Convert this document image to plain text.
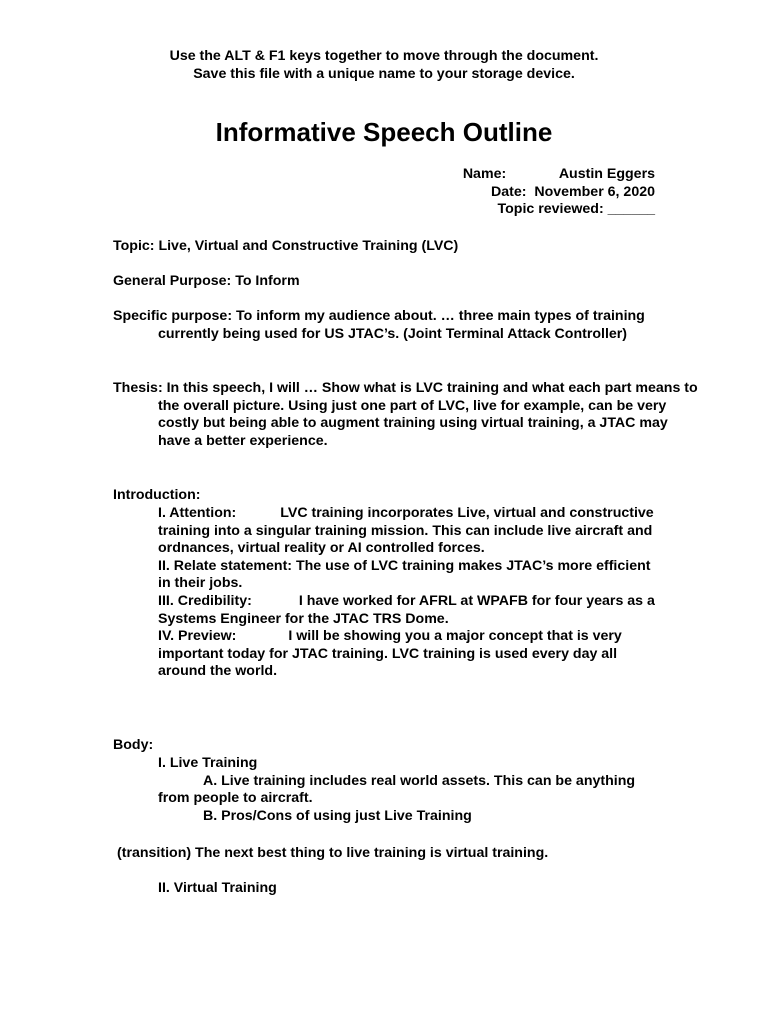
Use the ALT & F1 keys together to move through the document.
Save this file with a unique name to your storage device.
Informative Speech Outline
Name:	Austin Eggers
Date: November 6, 2020
Topic reviewed: ______

Topic: Live, Virtual and Constructive Training (LVC)

General Purpose: To Inform

Specific purpose: To inform my audience about. … three main types of training currently being used for US JTAC’s. (Joint Terminal Attack Controller)

Thesis: In this speech, I will … Show what is LVC training and what each part means to the overall picture. Using just one part of LVC, live for example, can be very costly but being able to augment training using virtual training, a JTAC may have a better experience.

Introduction:

I. Attention:	LVC training incorporates Live, virtual and constructive training into a singular training mission. This can include live aircraft and ordnances, virtual reality or AI controlled forces.

II. Relate statement: The use of LVC training makes JTAC’s more efficient in their jobs.

III. Credibility:	I have worked for AFRL at WPAFB for four years as a Systems Engineer for the JTAC TRS Dome.

IV. Preview:	I will be showing you a major concept that is very important today for JTAC training. LVC training is used every day all around the world.

Body:

I. Live Training

A. Live training includes real world assets. This can be anything from people to aircraft.

B. Pros/Cons of using just Live Training

(transition) The next best thing to live training is virtual training.

II. Virtual Training
